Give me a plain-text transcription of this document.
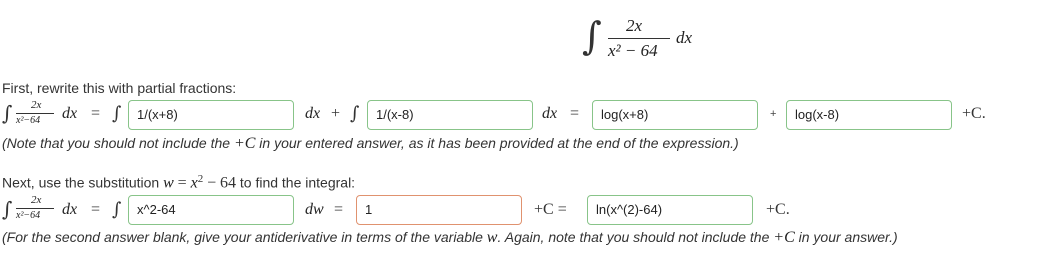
∫ 2x
x² − 64
dx
First, rewrite this with partial fractions:
∫ 2x
x²−64 dx = ∫	1/(x+8)	dx + ∫	1/(x-8)	dx =	log(x+8)	+	log(x-8)	+C.
(Note that you should not include the +C in your entered answer, as it has been provided at the end of the expression.)
Next, use the substitution $w = x^2 - 64$ to find the integral:
∫ 2x
x²−64 dx = ∫	x^2-64	dw =	1	+C =	ln(x^(2)-64)	+C.
(For the second answer blank, give your antiderivative in terms of the variable w. Again, note that you should not include the +C in your answer.)
